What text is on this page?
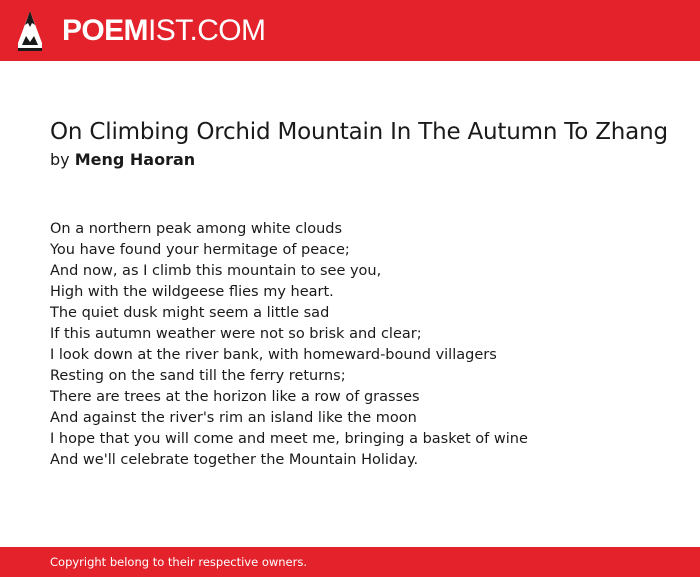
POEMIST.COM
On Climbing Orchid Mountain In The Autumn To Zhang
by Meng Haoran
On a northern peak among white clouds
You have found your hermitage of peace;
And now, as I climb this mountain to see you,
High with the wildgeese flies my heart.
The quiet dusk might seem a little sad
If this autumn weather were not so brisk and clear;
I look down at the river bank, with homeward-bound villagers
Resting on the sand till the ferry returns;
There are trees at the horizon like a row of grasses
And against the river's rim an island like the moon
I hope that you will come and meet me, bringing a basket of wine
And we'll celebrate together the Mountain Holiday.
Copyright belong to their respective owners.
